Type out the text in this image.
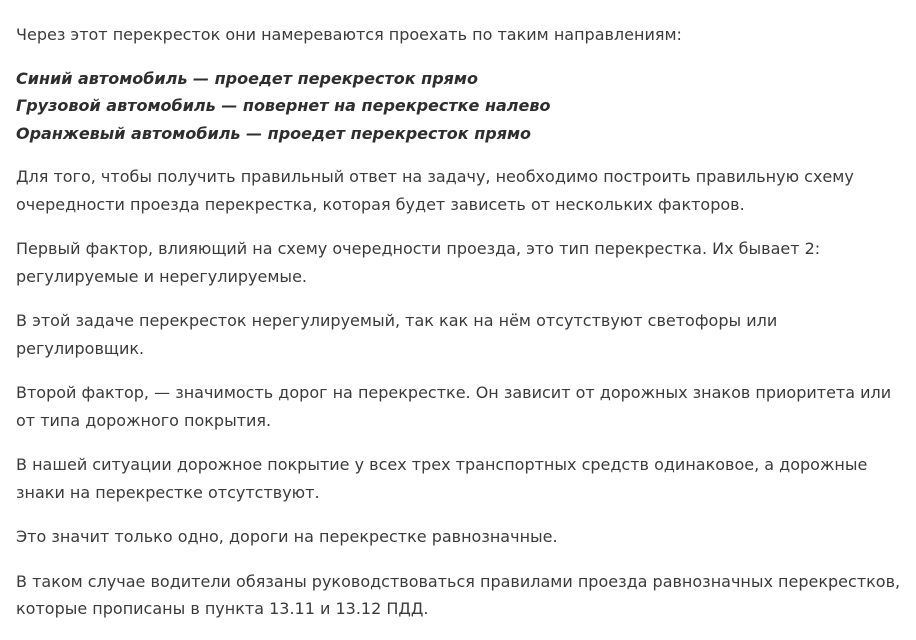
Через этот перекресток они намереваются проехать по таким направлениям:

Синий автомобиль — проедет перекресток прямо
Грузовой автомобиль — повернет на перекрестке налево
Оранжевый автомобиль — проедет перекресток прямо

Для того, чтобы получить правильный ответ на задачу, необходимо построить правильную схему очередности проезда перекрестка, которая будет зависеть от нескольких факторов.

Первый фактор, влияющий на схему очередности проезда, это тип перекрестка. Их бывает 2: регулируемые и нерегулируемые.

В этой задаче перекресток нерегулируемый, так как на нём отсутствуют светофоры или регулировщик.

Второй фактор, — значимость дорог на перекрестке. Он зависит от дорожных знаков приоритета или от типа дорожного покрытия.

В нашей ситуации дорожное покрытие у всех трех транспортных средств одинаковое, а дорожные знаки на перекрестке отсутствуют.

Это значит только одно, дороги на перекрестке равнозначные.

В таком случае водители обязаны руководствоваться правилами проезда равнозначных перекрестков, которые прописаны в пункта 13.11 и 13.12 ПДД.
